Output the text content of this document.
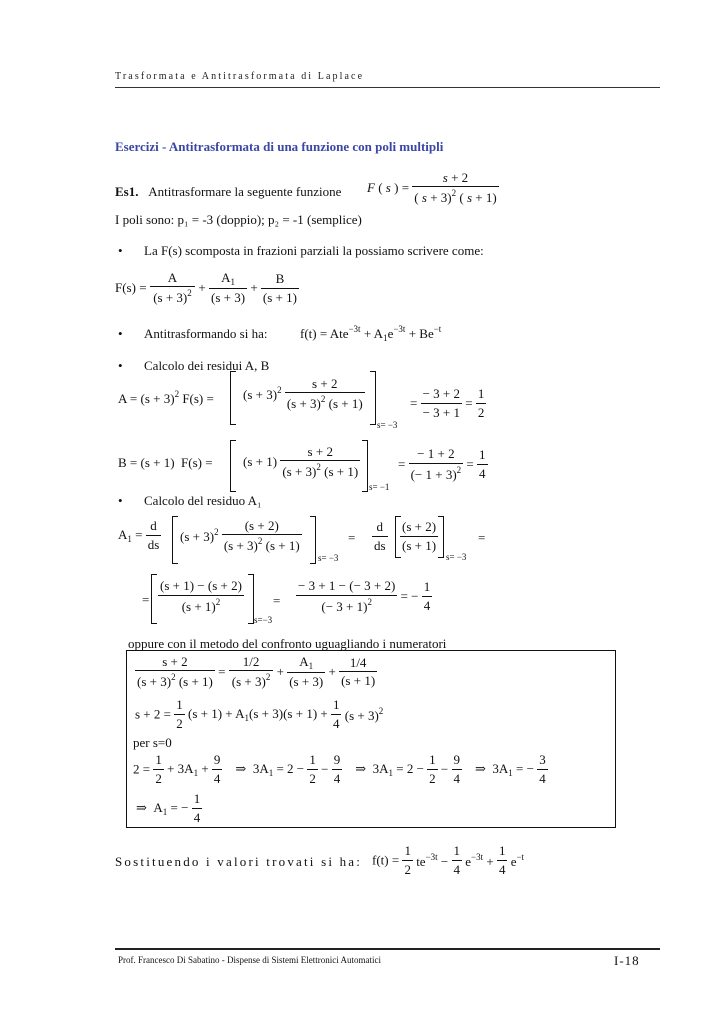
Trasformata e Antitrasformata di Laplace
Esercizi - Antitrasformata di una funzione con poli multipli
Es1. Antitrasformare la seguente funzione F ( s ) = $\frac{s + 2}{( s + 3)^2 ( s + 1)}$
I poli sono: p₁ = -3 (doppio); p₂ = -1 (semplice)
• La F(s) scomposta in frazioni parziali la possiamo scrivere come:
$F(s) = \frac{A}{(s + 3)^2} + \frac{A_1}{(s + 3)} + \frac{B}{(s + 1)}$
• Antitrasformando si ha:	$f(t) = Ate^{-3t} + A_1e^{-3t} + Be^{-t}$
• Calcolo dei residui A, B
$A = (s + 3)^2$ $F(s) = (s + 3)^2 \frac{s + 2}{(s + 3)^2 (s + 1)}$
s= −3
= $\frac{- 3 + 2}{- 3 + 1} = \frac{1}{2}$
B = (s + 1)  $F(s) = (s + 1) \frac{s + 2}{(s + 3)^2 (s + 1)}$
s= −1
= $\frac{- 1 + 2}{(- 1 + 3)^2} = \frac{1}{4}$
• Calcolo del residuo A₁
$A_1 = \frac{d}{ds} (s + 3)^2 \frac{(s + 2)}{(s + 3)^2 (s + 1)}$
s= −3
= $\frac{d}{ds} \frac{(s + 2)}{(s + 1)}$
s= −3
=
= $\frac{(s + 1) - (s + 2)}{(s + 1)^2}$
s=−3
= $\frac{- 3 + 1 - (- 3 + 2)}{(- 3 + 1)^2}$ = − $\frac{1}{4}$
oppure con il metodo del confronto uguagliando i numeratori
$\frac{s + 2}{(s + 3)^2 (s + 1)} = \frac{1/2}{(s + 3)^2} + \frac{A_1}{(s + 3)} + \frac{1/4}{(s + 1)}$
$s + 2 = \frac{1}{2} (s + 1) + A_1(s + 3)(s + 1) + \frac{1}{4} (s + 3)^2$
per s=0
$2 = \frac{1}{2} + 3A_1 + \frac{9}{4}$ ⇒  $3A_1 = 2 - \frac{1}{2} - \frac{9}{4}$ ⇒  $3A_1 = 2 - \frac{1}{2} - \frac{9}{4}$ ⇒  $3A_1$ = − $\frac{3}{4}$
⇒  $A_1$ = − $\frac{1}{4}$
Sostituendo i valori trovati si ha: $f(t) = \frac{1}{2} te^{-3t} - \frac{1}{4} e^{-3t} + \frac{1}{4} e^{-t}$
Prof. Francesco Di Sabatino - Dispense di Sistemi Elettronici Automatici	I-18
